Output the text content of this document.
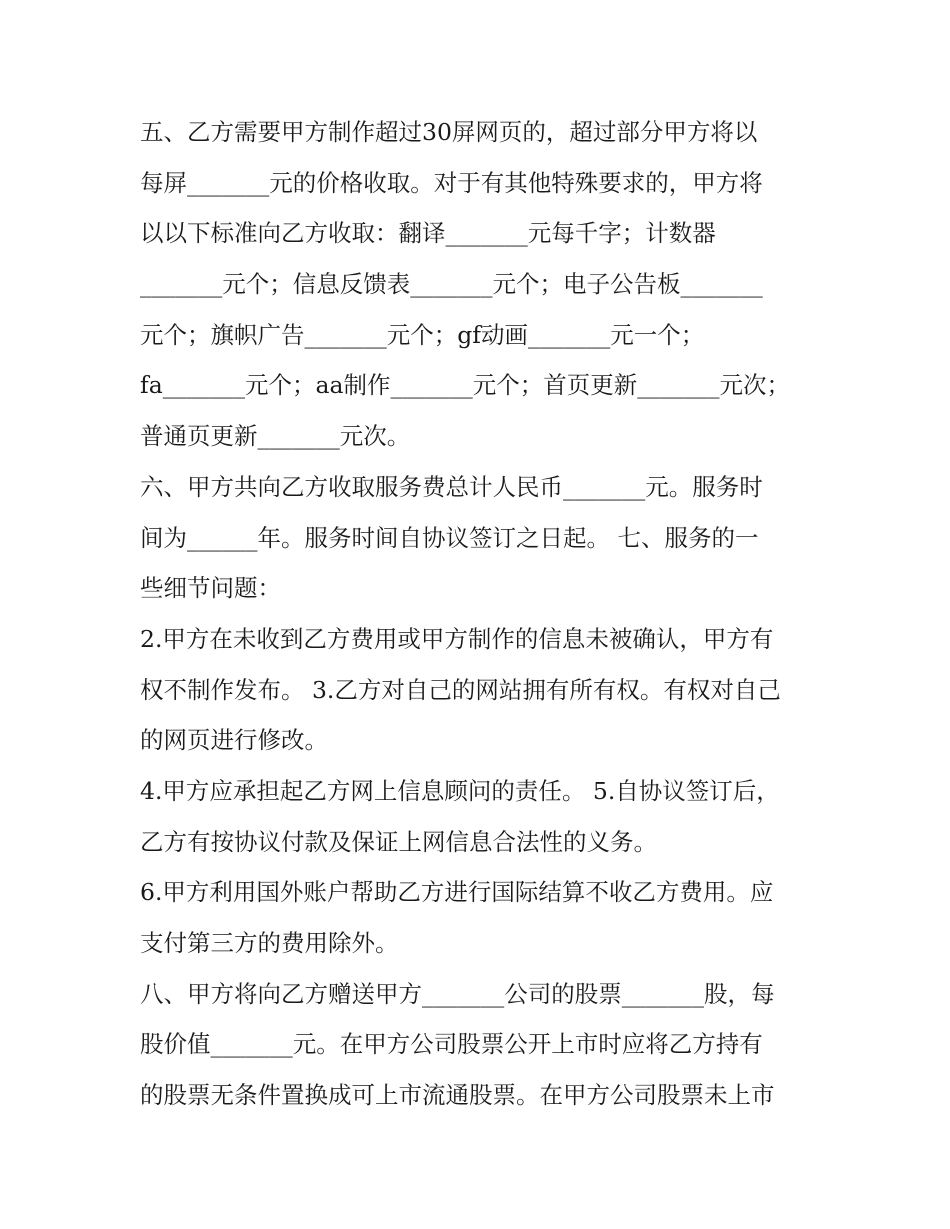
五、乙方需要甲方制作超过30屏网页的，超过部分甲方将以
每屏_______元的价格收取。对于有其他特殊要求的，甲方将
以以下标准向乙方收取：翻译_______元每千字；计数器
_______元个；信息反馈表_______元个；电子公告板_______
元个；旗帜广告_______元个；gf动画_______元一个；
fa_______元个；aa制作_______元个；首页更新_______元次；
普通页更新_______元次。
六、甲方共向乙方收取服务费总计人民币_______元。服务时
间为______年。服务时间自协议签订之日起。 七、服务的一
些细节问题：
2.甲方在未收到乙方费用或甲方制作的信息未被确认，甲方有
权不制作发布。 3.乙方对自己的网站拥有所有权。有权对自己
的网页进行修改。
4.甲方应承担起乙方网上信息顾问的责任。 5.自协议签订后，
乙方有按协议付款及保证上网信息合法性的义务。
6.甲方利用国外账户帮助乙方进行国际结算不收乙方费用。应
支付第三方的费用除外。
八、甲方将向乙方赠送甲方_______公司的股票_______股，每
股价值_______元。在甲方公司股票公开上市时应将乙方持有
的股票无条件置换成可上市流通股票。在甲方公司股票未上市
